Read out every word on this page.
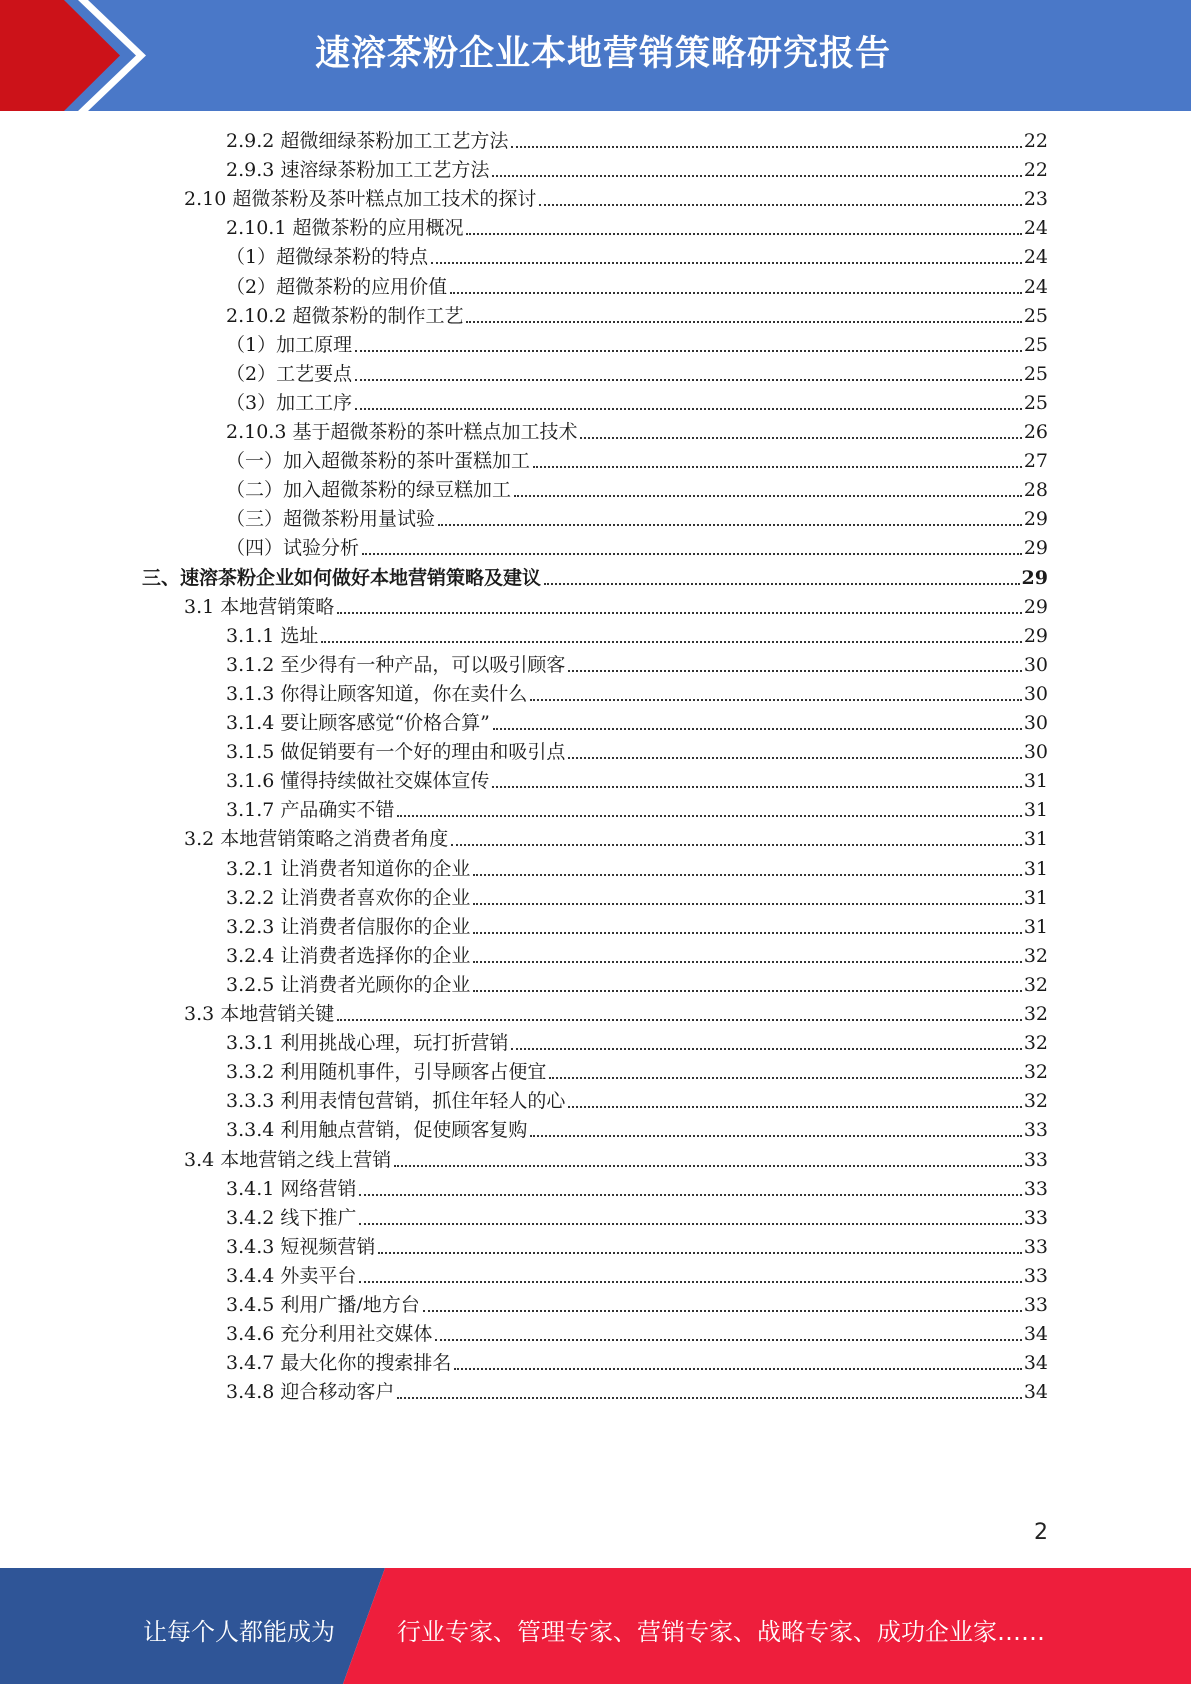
速溶茶粉企业本地营销策略研究报告
2.9.2 超微细绿茶粉加工工艺方法	22
2.9.3 速溶绿茶粉加工工艺方法	22
2.10 超微茶粉及茶叶糕点加工技术的探讨	23
2.10.1 超微茶粉的应用概况	24
（1）超微绿茶粉的特点	24
（2）超微茶粉的应用价值	24
2.10.2 超微茶粉的制作工艺	25
（1）加工原理	25
（2）工艺要点	25
（3）加工工序	25
2.10.3 基于超微茶粉的茶叶糕点加工技术	26
（一）加入超微茶粉的茶叶蛋糕加工	27
（二）加入超微茶粉的绿豆糕加工	28
（三）超微茶粉用量试验	29
（四）试验分析	29
三、速溶茶粉企业如何做好本地营销策略及建议	29
3.1 本地营销策略	29
3.1.1 选址	29
3.1.2 至少得有一种产品，可以吸引顾客	30
3.1.3 你得让顾客知道，你在卖什么	30
3.1.4 要让顾客感觉“价格合算”	30
3.1.5 做促销要有一个好的理由和吸引点	30
3.1.6 懂得持续做社交媒体宣传	31
3.1.7 产品确实不错	31
3.2 本地营销策略之消费者角度	31
3.2.1 让消费者知道你的企业	31
3.2.2 让消费者喜欢你的企业	31
3.2.3 让消费者信服你的企业	31
3.2.4 让消费者选择你的企业	32
3.2.5 让消费者光顾你的企业	32
3.3 本地营销关键	32
3.3.1 利用挑战心理，玩打折营销	32
3.3.2 利用随机事件，引导顾客占便宜	32
3.3.3 利用表情包营销，抓住年轻人的心	32
3.3.4 利用触点营销，促使顾客复购	33
3.4 本地营销之线上营销	33
3.4.1 网络营销	33
3.4.2 线下推广	33
3.4.3 短视频营销	33
3.4.4 外卖平台	33
3.4.5 利用广播/地方台	33
3.4.6 充分利用社交媒体	34
3.4.7 最大化你的搜索排名	34
3.4.8 迎合移动客户	34
2
让每个人都能成为	行业专家、管理专家、营销专家、战略专家、成功企业家……
